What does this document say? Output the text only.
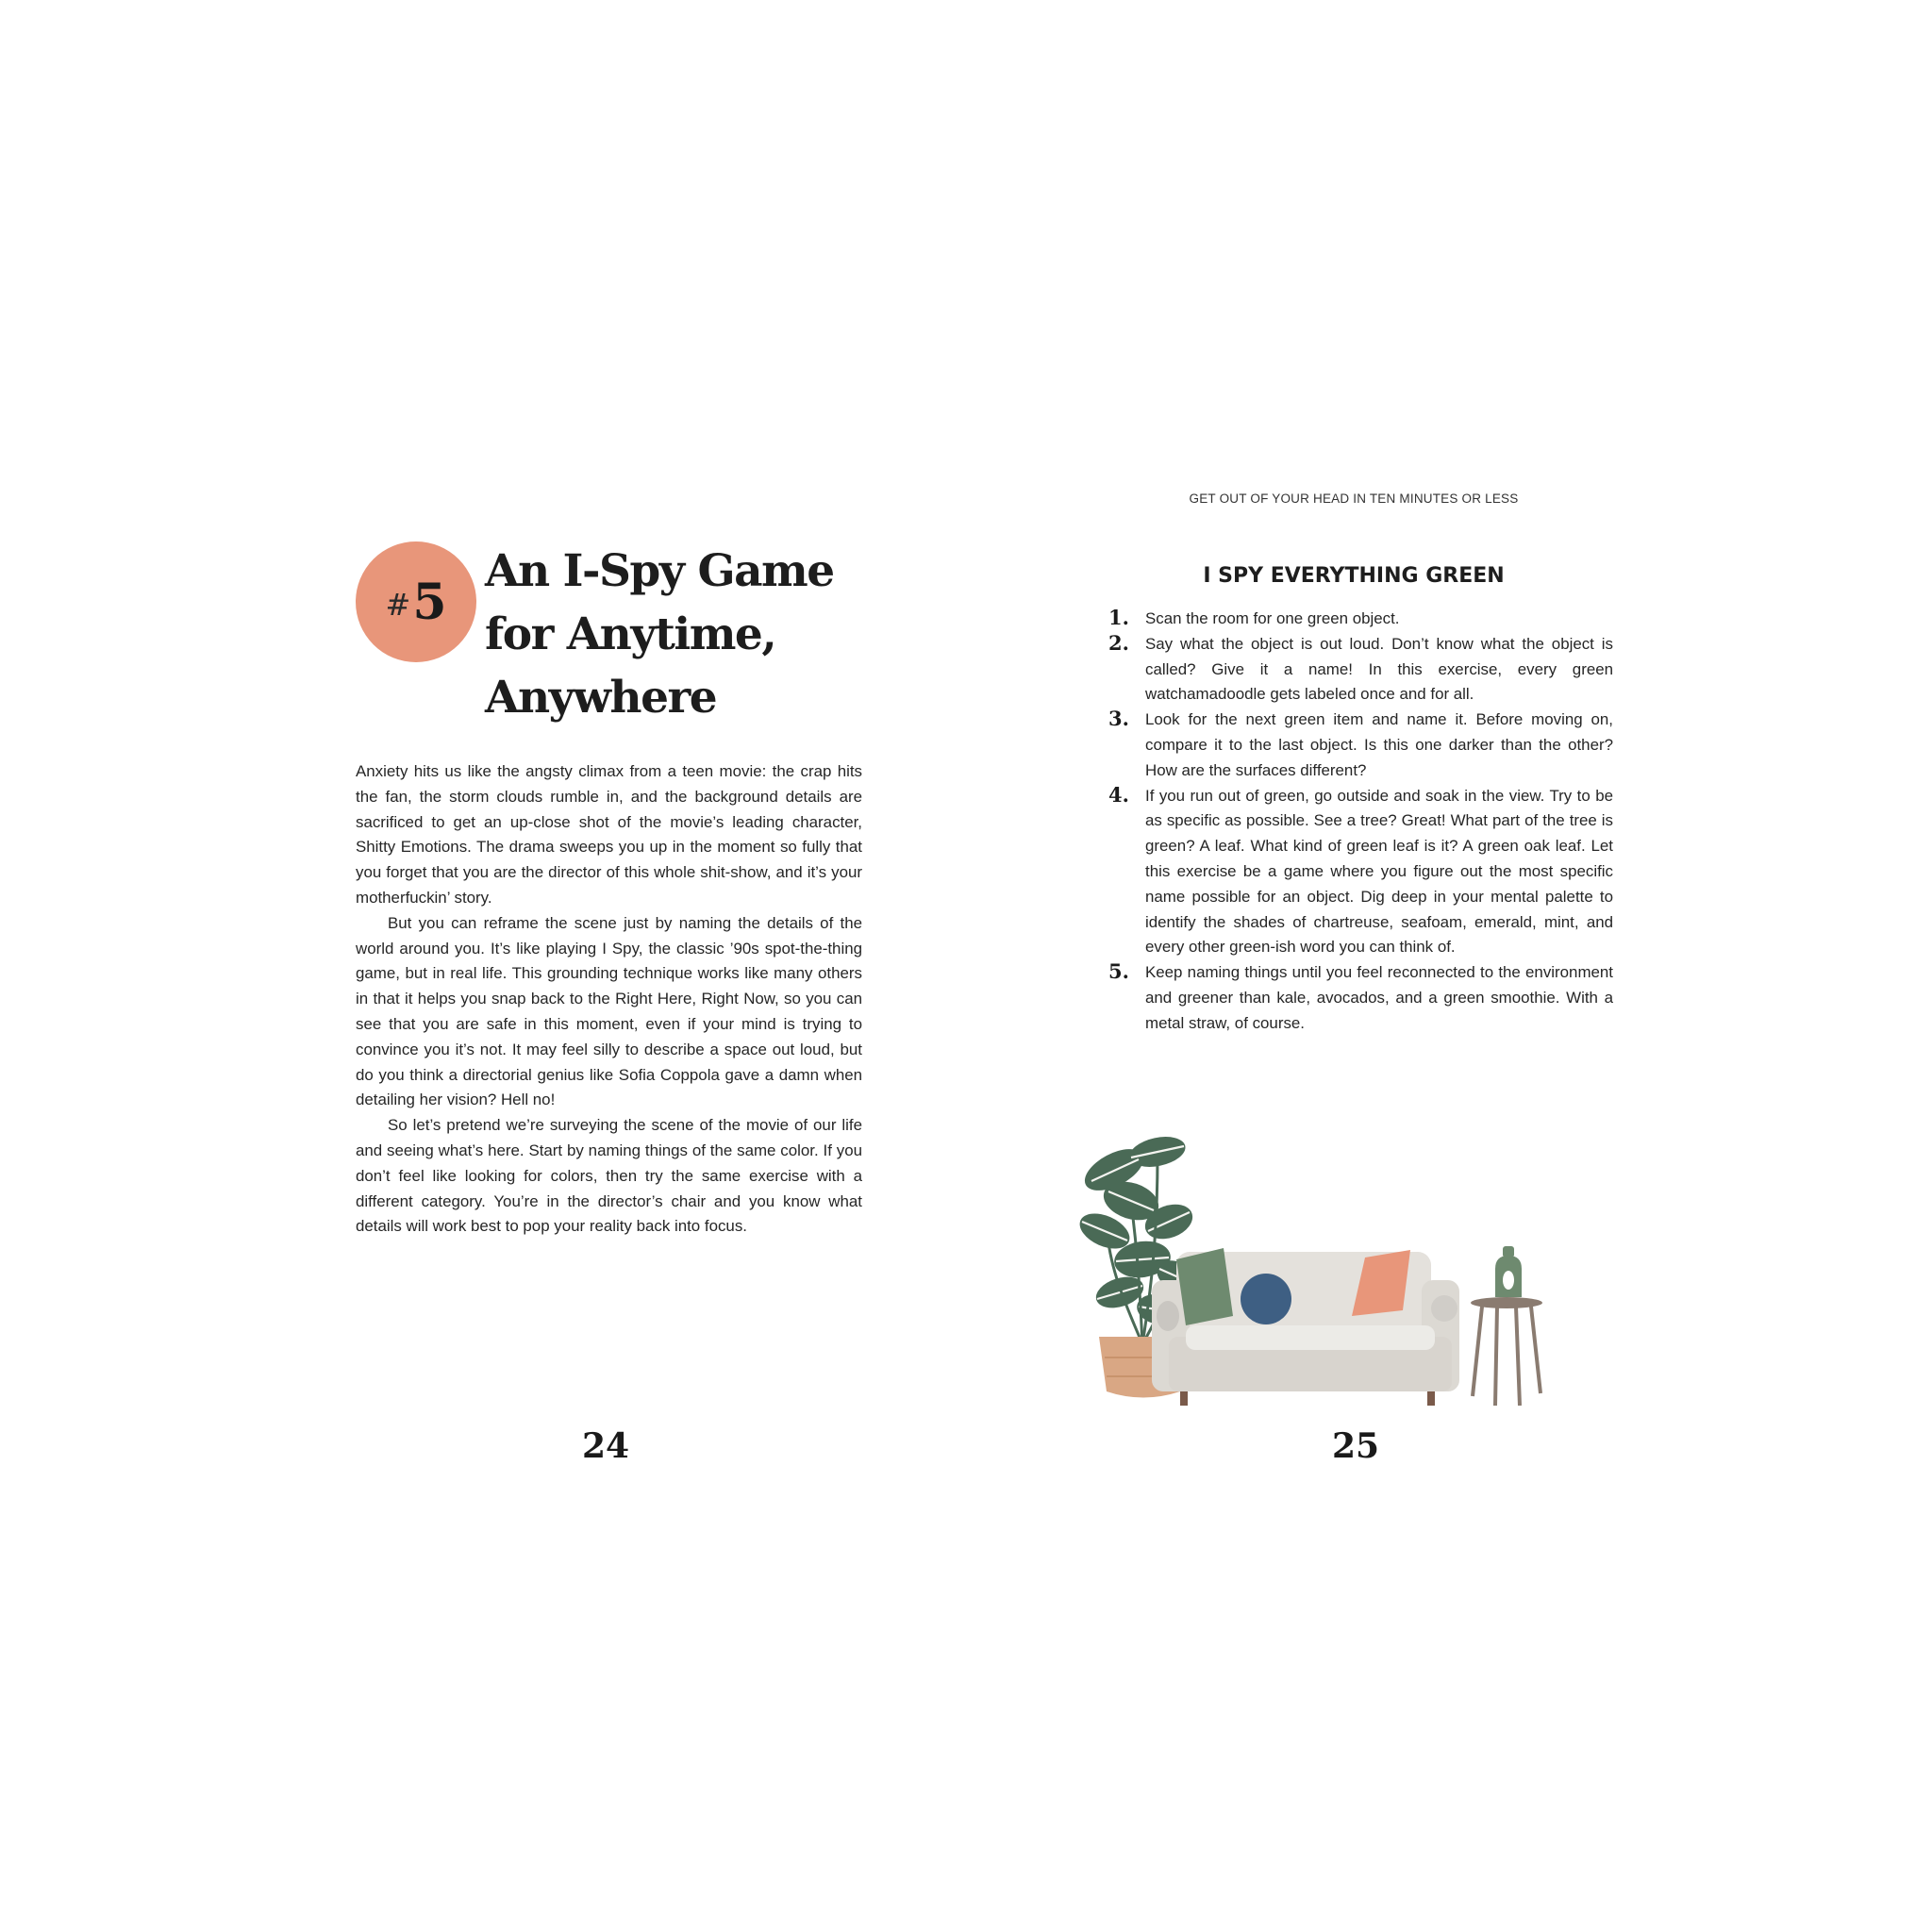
# 5
An I-Spy Game
for Anytime,
Anywhere

Anxiety hits us like the angsty climax from a teen movie: the crap hits the fan, the storm clouds rumble in, and the background details are sacrificed to get an up-close shot of the movie’s leading character, Shitty Emotions. The drama sweeps you up in the moment so fully that you forget that you are the director of this whole shit-show, and it’s your motherfuckin’ story.

But you can reframe the scene just by naming the details of the world around you. It’s like playing I Spy, the classic ’90s spot-the-thing game, but in real life. This grounding technique works like many others in that it helps you snap back to the Right Here, Right Now, so you can see that you are safe in this moment, even if your mind is trying to convince you it’s not. It may feel silly to describe a space out loud, but do you think a directorial genius like Sofia Coppola gave a damn when detailing her vision? Hell no!

So let’s pretend we’re surveying the scene of the movie of our life and seeing what’s here. Start by naming things of the same color. If you don’t feel like looking for colors, then try the same exercise with a different category. You’re in the director’s chair and you know what details will work best to pop your reality back into focus.

24

GET OUT OF YOUR HEAD IN TEN MINUTES OR LESS
I SPY EVERYTHING GREEN
1. Scan the room for one green object.
2. Say what the object is out loud. Don’t know what the object is called? Give it a name! In this exercise, every green watchamadoodle gets labeled once and for all.
3. Look for the next green item and name it. Before moving on, compare it to the last object. Is this one darker than the other? How are the surfaces different?
4. If you run out of green, go outside and soak in the view. Try to be as specific as possible. See a tree? Great! What part of the tree is green? A leaf. What kind of green leaf is it? A green oak leaf. Let this exercise be a game where you figure out the most specific name possible for an object. Dig deep in your mental palette to identify the shades of chartreuse, seafoam, emerald, mint, and every other green-ish word you can think of.
5. Keep naming things until you feel reconnected to the environment and greener than kale, avocados, and a green smoothie. With a metal straw, of course.

25
